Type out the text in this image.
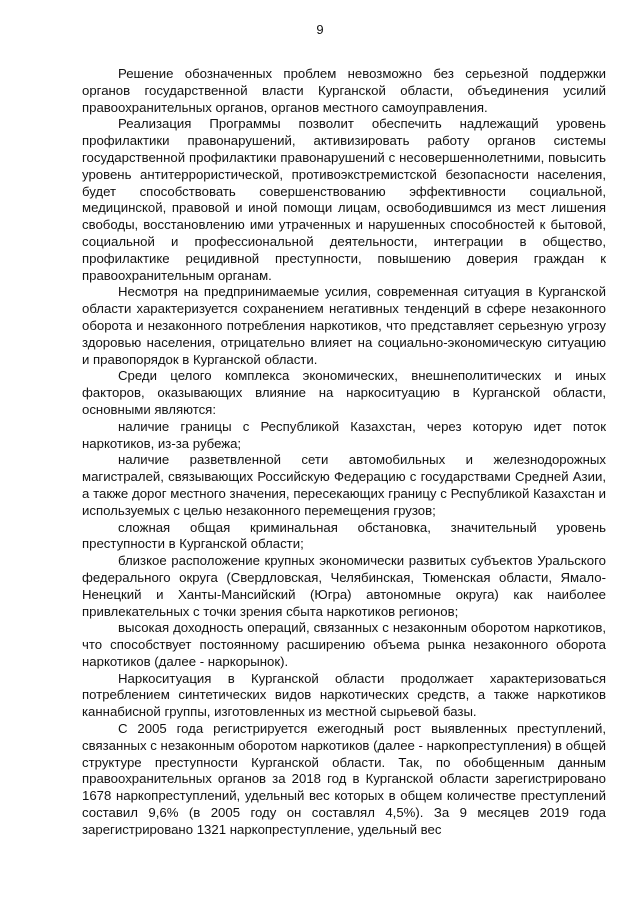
9

Решение обозначенных проблем невозможно без серьезной поддержки органов государственной власти Курганской области, объединения усилий правоохранительных органов, органов местного самоуправления.

Реализация Программы позволит обеспечить надлежащий уровень профилактики правонарушений, активизировать работу органов системы государственной профилактики правонарушений с несовершеннолетними, повысить уровень антитеррористической, противоэкстремистской безопасности населения, будет способствовать совершенствованию эффективности социальной, медицинской, правовой и иной помощи лицам, освободившимся из мест лишения свободы, восстановлению ими утраченных и нарушенных способностей к бытовой, социальной и профессиональной деятельности, интеграции в общество, профилактике рецидивной преступности, повышению доверия граждан к правоохранительным органам.

Несмотря на предпринимаемые усилия, современная ситуация в Курганской области характеризуется сохранением негативных тенденций в сфере незаконного оборота и незаконного потребления наркотиков, что представляет серьезную угрозу здоровью населения, отрицательно влияет на социально-экономическую ситуацию и правопорядок в Курганской области.

Среди целого комплекса экономических, внешнеполитических и иных факторов, оказывающих влияние на наркоситуацию в Курганской области, основными являются:

наличие границы с Республикой Казахстан, через которую идет поток наркотиков, из-за рубежа;

наличие разветвленной сети автомобильных и железнодорожных магистралей, связывающих Российскую Федерацию с государствами Средней Азии, а также дорог местного значения, пересекающих границу с Республикой Казахстан и используемых с целью незаконного перемещения грузов;

сложная общая криминальная обстановка, значительный уровень преступности в Курганской области;

близкое расположение крупных экономически развитых субъектов Уральского федерального округа (Свердловская, Челябинская, Тюменская области, Ямало-Ненецкий и Ханты-Мансийский (Югра) автономные округа) как наиболее привлекательных с точки зрения сбыта наркотиков регионов;

высокая доходность операций, связанных с незаконным оборотом наркотиков, что способствует постоянному расширению объема рынка незаконного оборота наркотиков (далее - наркорынок).

Наркоситуация в Курганской области продолжает характеризоваться потреблением синтетических видов наркотических средств, а также наркотиков каннабисной группы, изготовленных из местной сырьевой базы.

С 2005 года регистрируется ежегодный рост выявленных преступлений, связанных с незаконным оборотом наркотиков (далее - наркопреступления) в общей структуре преступности Курганской области. Так, по обобщенным данным правоохранительных органов за 2018 год в Курганской области зарегистрировано 1678 наркопреступлений, удельный вес которых в общем количестве преступлений составил 9,6% (в 2005 году он составлял 4,5%). За 9 месяцев 2019 года зарегистрировано 1321 наркопреступление, удельный вес
